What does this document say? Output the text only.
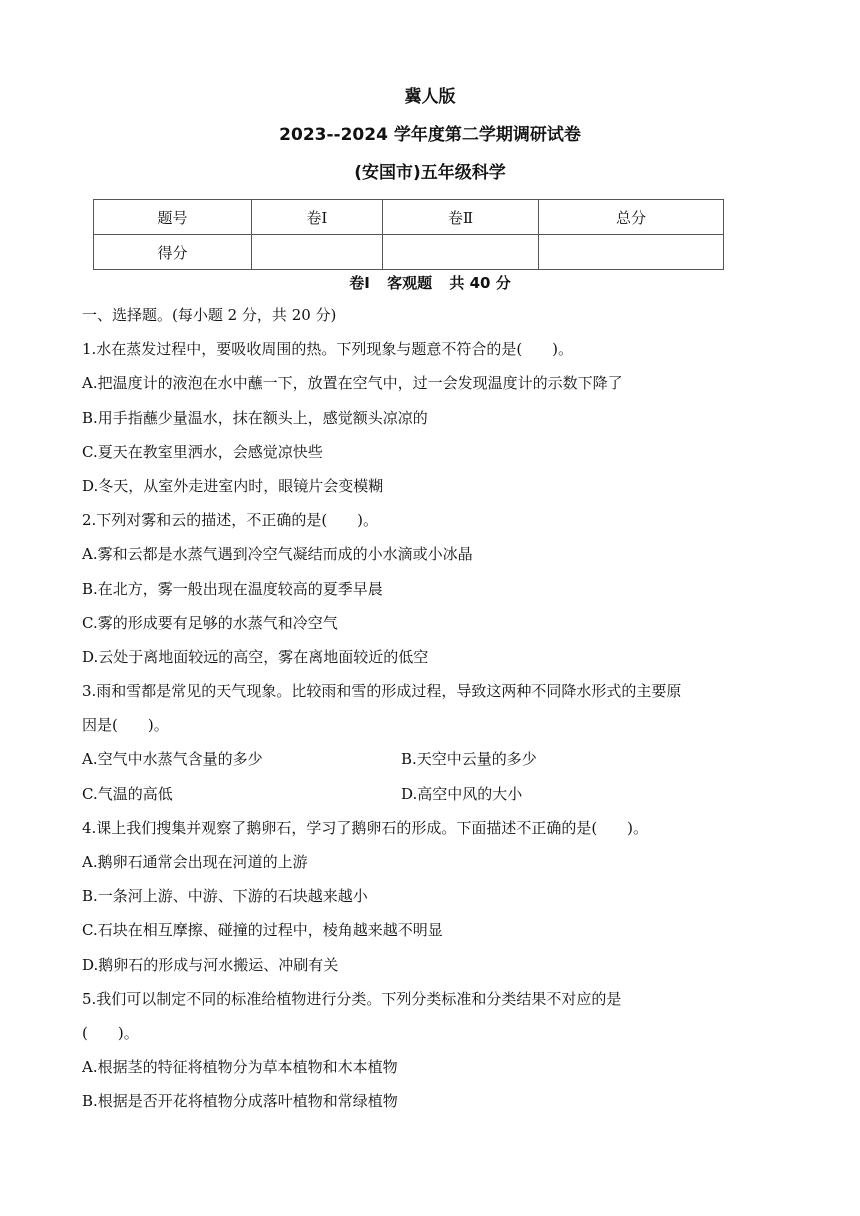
冀人版
2023--2024 学年度第二学期调研试卷
(安国市)五年级科学
题号	卷Ⅰ	卷Ⅱ	总分
得分			
卷Ⅰ 客观题 共 40 分
一、选择题。(每小题 2 分，共 20 分)
1.水在蒸发过程中，要吸收周围的热。下列现象与题意不符合的是(　　)。
A.把温度计的液泡在水中蘸一下，放置在空气中，过一会发现温度计的示数下降了
B.用手指蘸少量温水，抹在额头上，感觉额头凉凉的
C.夏天在教室里洒水，会感觉凉快些
D.冬天，从室外走进室内时，眼镜片会变模糊
2.下列对雾和云的描述，不正确的是(　　)。
A.雾和云都是水蒸气遇到冷空气凝结而成的小水滴或小冰晶
B.在北方，雾一般出现在温度较高的夏季早晨
C.雾的形成要有足够的水蒸气和冷空气
D.云处于离地面较远的高空，雾在离地面较近的低空
3.雨和雪都是常见的天气现象。比较雨和雪的形成过程，导致这两种不同降水形式的主要原
因是(　　)。
A.空气中水蒸气含量的多少	B.天空中云量的多少
C.气温的高低	D.高空中风的大小
4.课上我们搜集并观察了鹅卵石，学习了鹅卵石的形成。下面描述不正确的是(　　)。
A.鹅卵石通常会出现在河道的上游
B.一条河上游、中游、下游的石块越来越小
C.石块在相互摩擦、碰撞的过程中，棱角越来越不明显
D.鹅卵石的形成与河水搬运、冲刷有关
5.我们可以制定不同的标准给植物进行分类。下列分类标准和分类结果不对应的是
(　　)。
A.根据茎的特征将植物分为草本植物和木本植物
B.根据是否开花将植物分成落叶植物和常绿植物
